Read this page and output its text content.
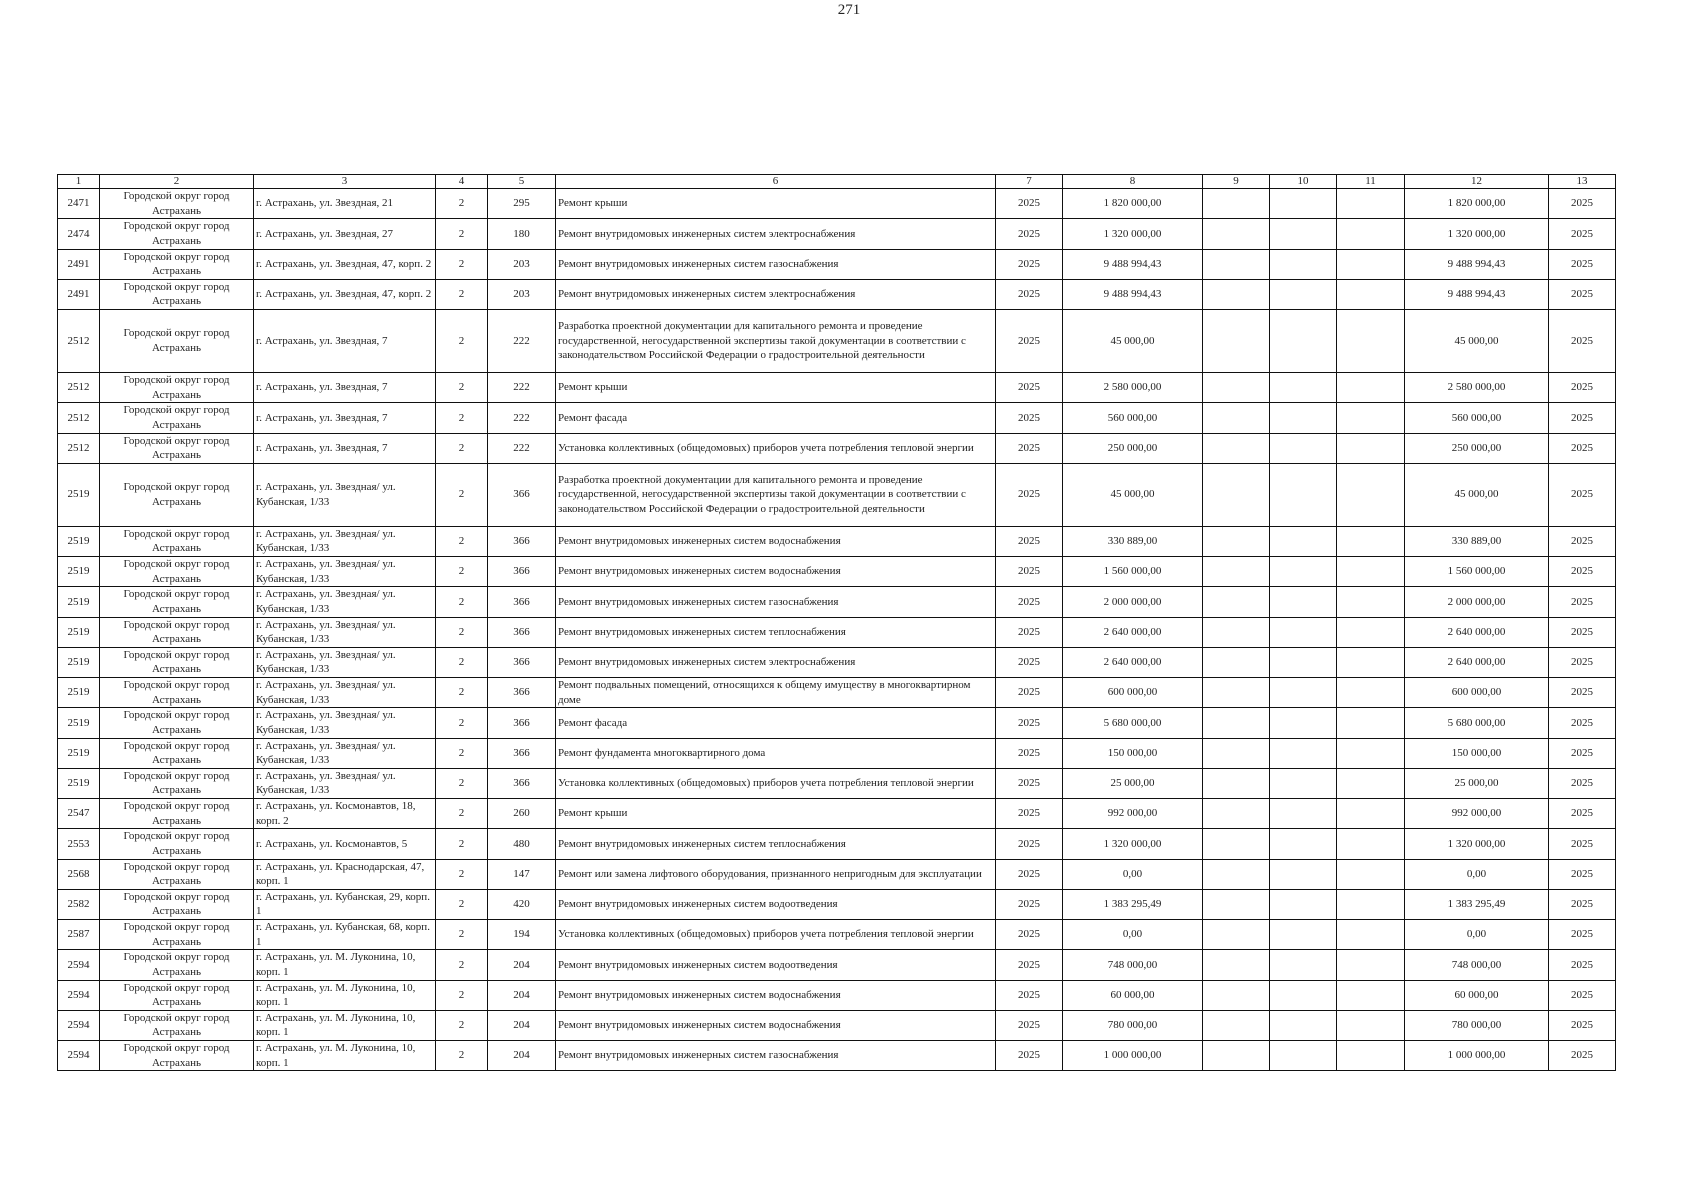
271
1	2	3	4	5	6	7	8	9	10	11	12	13
2471	Городской округ город Астрахань	г. Астрахань, ул. Звездная, 21	2	295	Ремонт крыши	2025	1 820 000,00				1 820 000,00	2025
2474	Городской округ город Астрахань	г. Астрахань, ул. Звездная, 27	2	180	Ремонт внутридомовых инженерных систем электроснабжения	2025	1 320 000,00				1 320 000,00	2025
2491	Городской округ город Астрахань	г. Астрахань, ул. Звездная, 47, корп. 2	2	203	Ремонт внутридомовых инженерных систем газоснабжения	2025	9 488 994,43				9 488 994,43	2025
2491	Городской округ город Астрахань	г. Астрахань, ул. Звездная, 47, корп. 2	2	203	Ремонт внутридомовых инженерных систем электроснабжения	2025	9 488 994,43				9 488 994,43	2025
2512	Городской округ город Астрахань	г. Астрахань, ул. Звездная, 7	2	222	Разработка проектной документации для капитального ремонта и проведение государственной, негосударственной экспертизы такой документации в соответствии с законодательством Российской Федерации о градостроительной деятельности	2025	45 000,00				45 000,00	2025
2512	Городской округ город Астрахань	г. Астрахань, ул. Звездная, 7	2	222	Ремонт крыши	2025	2 580 000,00				2 580 000,00	2025
2512	Городской округ город Астрахань	г. Астрахань, ул. Звездная, 7	2	222	Ремонт фасада	2025	560 000,00				560 000,00	2025
2512	Городской округ город Астрахань	г. Астрахань, ул. Звездная, 7	2	222	Установка коллективных (общедомовых) приборов учета потребления тепловой энергии	2025	250 000,00				250 000,00	2025
2519	Городской округ город Астрахань	г. Астрахань, ул. Звездная/ ул. Кубанская, 1/33	2	366	Разработка проектной документации для капитального ремонта и проведение государственной, негосударственной экспертизы такой документации в соответствии с законодательством Российской Федерации о градостроительной деятельности	2025	45 000,00				45 000,00	2025
2519	Городской округ город Астрахань	г. Астрахань, ул. Звездная/ ул. Кубанская, 1/33	2	366	Ремонт внутридомовых инженерных систем водоснабжения	2025	330 889,00				330 889,00	2025
2519	Городской округ город Астрахань	г. Астрахань, ул. Звездная/ ул. Кубанская, 1/33	2	366	Ремонт внутридомовых инженерных систем водоснабжения	2025	1 560 000,00				1 560 000,00	2025
2519	Городской округ город Астрахань	г. Астрахань, ул. Звездная/ ул. Кубанская, 1/33	2	366	Ремонт внутридомовых инженерных систем газоснабжения	2025	2 000 000,00				2 000 000,00	2025
2519	Городской округ город Астрахань	г. Астрахань, ул. Звездная/ ул. Кубанская, 1/33	2	366	Ремонт внутридомовых инженерных систем теплоснабжения	2025	2 640 000,00				2 640 000,00	2025
2519	Городской округ город Астрахань	г. Астрахань, ул. Звездная/ ул. Кубанская, 1/33	2	366	Ремонт внутридомовых инженерных систем электроснабжения	2025	2 640 000,00				2 640 000,00	2025
2519	Городской округ город Астрахань	г. Астрахань, ул. Звездная/ ул. Кубанская, 1/33	2	366	Ремонт подвальных помещений, относящихся к общему имуществу в многоквартирном доме	2025	600 000,00				600 000,00	2025
2519	Городской округ город Астрахань	г. Астрахань, ул. Звездная/ ул. Кубанская, 1/33	2	366	Ремонт фасада	2025	5 680 000,00				5 680 000,00	2025
2519	Городской округ город Астрахань	г. Астрахань, ул. Звездная/ ул. Кубанская, 1/33	2	366	Ремонт фундамента многоквартирного дома	2025	150 000,00				150 000,00	2025
2519	Городской округ город Астрахань	г. Астрахань, ул. Звездная/ ул. Кубанская, 1/33	2	366	Установка коллективных (общедомовых) приборов учета потребления тепловой энергии	2025	25 000,00				25 000,00	2025
2547	Городской округ город Астрахань	г. Астрахань, ул. Космонавтов, 18, корп. 2	2	260	Ремонт крыши	2025	992 000,00				992 000,00	2025
2553	Городской округ город Астрахань	г. Астрахань, ул. Космонавтов, 5	2	480	Ремонт внутридомовых инженерных систем теплоснабжения	2025	1 320 000,00				1 320 000,00	2025
2568	Городской округ город Астрахань	г. Астрахань, ул. Краснодарская, 47, корп. 1	2	147	Ремонт или замена лифтового оборудования, признанного непригодным для эксплуатации	2025	0,00				0,00	2025
2582	Городской округ город Астрахань	г. Астрахань, ул. Кубанская, 29, корп. 1	2	420	Ремонт внутридомовых инженерных систем водоотведения	2025	1 383 295,49				1 383 295,49	2025
2587	Городской округ город Астрахань	г. Астрахань, ул. Кубанская, 68, корп. 1	2	194	Установка коллективных (общедомовых) приборов учета потребления тепловой энергии	2025	0,00				0,00	2025
2594	Городской округ город Астрахань	г. Астрахань, ул. М. Луконина, 10, корп. 1	2	204	Ремонт внутридомовых инженерных систем водоотведения	2025	748 000,00				748 000,00	2025
2594	Городской округ город Астрахань	г. Астрахань, ул. М. Луконина, 10, корп. 1	2	204	Ремонт внутридомовых инженерных систем водоснабжения	2025	60 000,00				60 000,00	2025
2594	Городской округ город Астрахань	г. Астрахань, ул. М. Луконина, 10, корп. 1	2	204	Ремонт внутридомовых инженерных систем водоснабжения	2025	780 000,00				780 000,00	2025
2594	Городской округ город Астрахань	г. Астрахань, ул. М. Луконина, 10, корп. 1	2	204	Ремонт внутридомовых инженерных систем газоснабжения	2025	1 000 000,00				1 000 000,00	2025
